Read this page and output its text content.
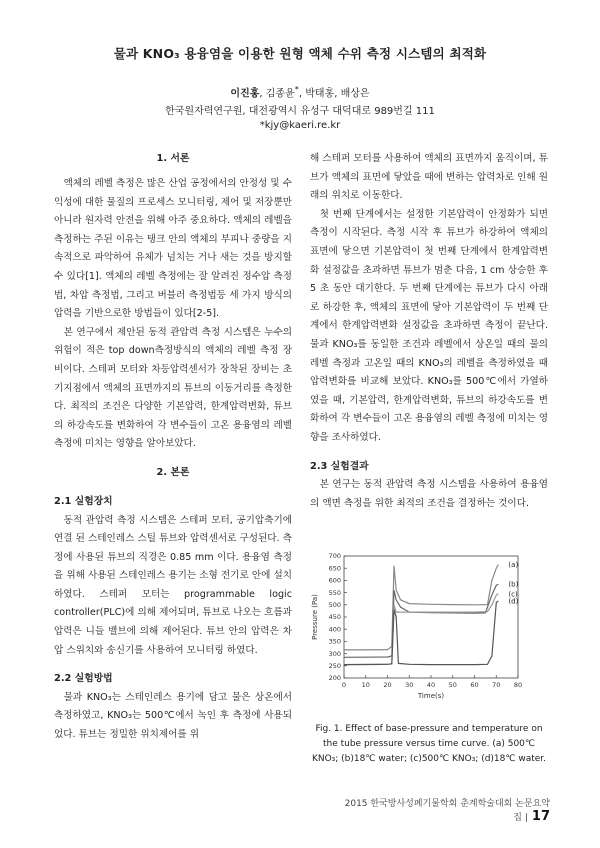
물과 KNO₃ 용융염을 이용한 원형 액체 수위 측정 시스템의 최적화
이진홍, 김종윤*, 박태홍, 배상은
한국원자력연구원, 대전광역시 유성구 대덕대로 989번길 111
*kjy@kaeri.re.kr
1. 서론

액체의 레벨 측정은 많은 산업 공정에서의 안정성 및 수익성에 대한 물질의 프로세스 모니터링, 제어 및 저장뿐만 아니라 원자력 안전을 위해 아주 중요하다. 액체의 레벨을 측정하는 주된 이유는 탱크 안의 액체의 부피나 중량을 지속적으로 파악하여 유체가 넘치는 거나 새는 것을 방지할 수 있다[1]. 액체의 레벨 측정에는 잘 알려진 정수압 측정법, 차압 측정법, 그리고 버블러 측정법등 세 가지 방식의 압력을 기반으로한 방법들이 있다[2-5].

본 연구에서 제안된 동적 관압력 측정 시스템은 누수의 위험이 적은 top down측정방식의 액체의 레벨 측정 장비이다. 스테퍼 모터와 차등압력센서가 장착된 장비는 초기지점에서 액체의 표면까지의 튜브의 이동거리를 측정한다. 최적의 조건은 다양한 기본압력, 한계압력변화, 튜브의 하강속도를 변화하여 각 변수들이 고온 용융염의 레벨 측정에 미치는 영향을 알아보았다.

2. 본론
2.1 실험장치

동적 관압력 측정 시스템은 스테퍼 모터, 공기압축기에 연결 된 스테인레스 스틸 튜브와 압력센서로 구성된다. 측정에 사용된 튜브의 직경은 0.85 mm 이다. 용융염 측정을 위해 사용된 스테인레스 용기는 소형 전기로 안에 설치하였다. 스테퍼 모터는 programmable logic controller(PLC)에 의해 제어되며, 튜브로 나오는 흐름과 압력은 니들 밸브에 의해 제어된다. 튜브 안의 압력은 차압 스위치와 송신기를 사용하여 모니터링 하였다.

2.2 실험방법

물과 KNO₃는 스테인레스 용기에 담고 물은 상온에서 측정하였고, KNO₃는 500℃에서 녹인 후 측정에 사용되었다. 튜브는 정밀한 위치제어를 위

해 스테퍼 모터를 사용하여 액체의 표면까지 움직이며, 튜브가 액체의 표면에 닿았을 때에 변하는 압력차로 인해 원래의 위치로 이동한다.

첫 번째 단계에서는 설정한 기본압력이 안정화가 되면 측정이 시작된다. 측정 시작 후 튜브가 하강하여 액체의 표면에 닿으면 기본압력이 첫 번째 단계에서 한계압력변화 설정값을 초과하면 튜브가 멈춘 다음, 1 cm 상승한 후 5 초 동안 대기한다. 두 번째 단계에는 튜브가 다시 아래로 하강한 후, 액체의 표면에 닿아 기본압력이 두 번째 단계에서 한계압력변화 설정값을 초과하면 측정이 끝난다. 물과 KNO₃를 동일한 조건과 레벨에서 상온일 때의 물의 레벨 측정과 고온일 때의 KNO₃의 레벨을 측정하였을 때 압력변화를 비교해 보았다. KNO₃를 500℃에서 가열하였을 때, 기본압력, 한계압력변화, 튜브의 하강속도를 변화하여 각 변수들이 고온 용융염의 레벨 측정에 미치는 영향을 조사하였다.

2.3 실험결과

본 연구는 동적 관압력 측정 시스템을 사용하여 용융염의 액면 측정을 위한 최적의 조건을 결정하는 것이다.

0 10 20 30 40 50 60 70 80
200
250
300
350
400
450
500
550
600
650
700
Time(s)
Pressure (Pa)
(a)
(b)
(c)
(d)
Fig. 1. Effect of base-pressure and temperature on the tube pressure versus time curve. (a) 500℃ KNO₃; (b)18℃ water; (c)500℃ KNO₃; (d)18℃ water.
2015 한국방사성폐기물학회 춘계학술대회 논문요약집 | 17
